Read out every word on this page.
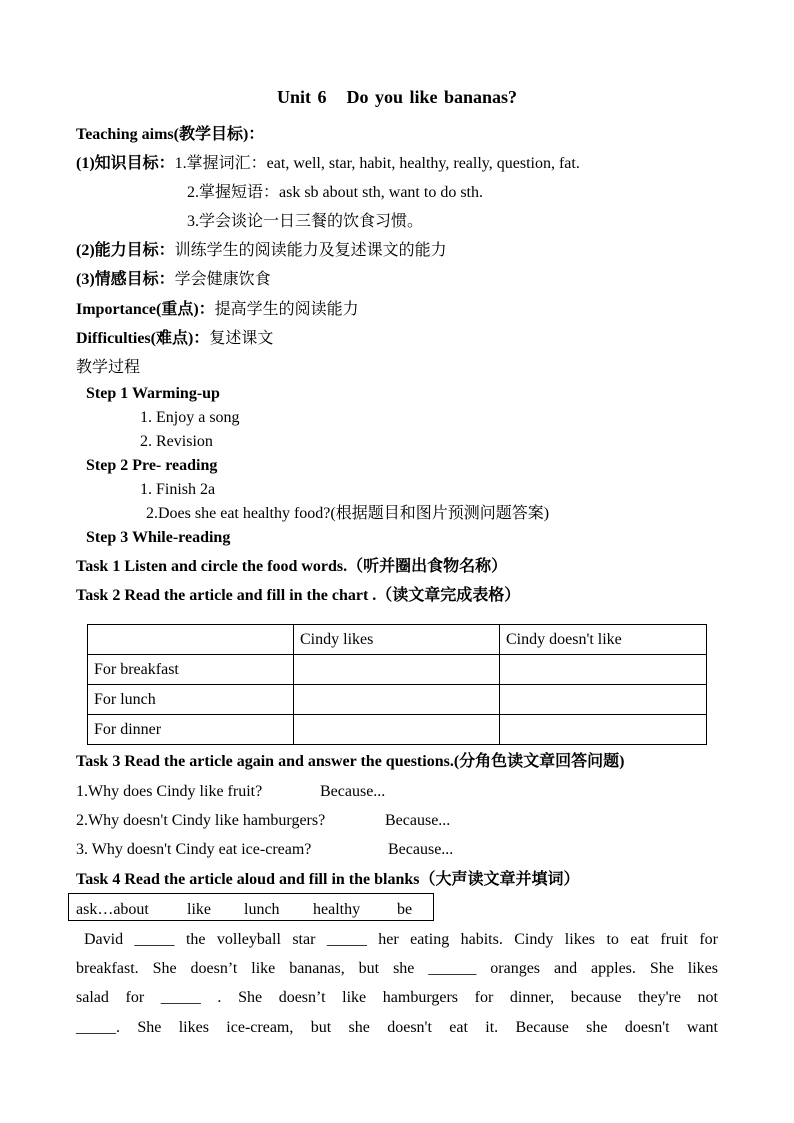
Unit 6 Do you like bananas?
Teaching aims(教学目标)：
(1)知识目标：1.掌握词汇：eat, well, star, habit, healthy, really, question, fat.
2.掌握短语：ask sb about sth, want to do sth.
3.学会谈论一日三餐的饮食习惯。
(2)能力目标：训练学生的阅读能力及复述课文的能力
(3)情感目标：学会健康饮食
Importance(重点)：提高学生的阅读能力
Difficulties(难点)：复述课文
教学过程
Step 1 Warming-up
1. Enjoy a song
2. Revision
Step 2 Pre- reading
1. Finish 2a
2.Does she eat healthy food?(根据题目和图片预测问题答案)
Step 3 While-reading
Task 1 Listen and circle the food words.（听并圈出食物名称）
Task 2 Read the article and fill in the chart .（读文章完成表格）
	Cindy likes	Cindy doesn't like
For breakfast		
For lunch		
For dinner		
Task 3 Read the article again and answer the questions.(分角色读文章回答问题)
1.Why does Cindy like fruit?	Because...
2.Why doesn't Cindy like hamburgers?	Because...
3. Why doesn't Cindy eat ice-cream?	Because...
Task 4 Read the article aloud and fill in the blanks（大声读文章并填词）
ask…about like lunch healthy be
David _____ the volleyball star _____ her eating habits. Cindy likes to eat fruit for
breakfast. She doesn’t like bananas, but she ______ oranges and apples. She likes
salad for _____ . She doesn’t like hamburgers for dinner, because they're not
_____. She likes ice-cream, but she doesn't eat it. Because she doesn't want
